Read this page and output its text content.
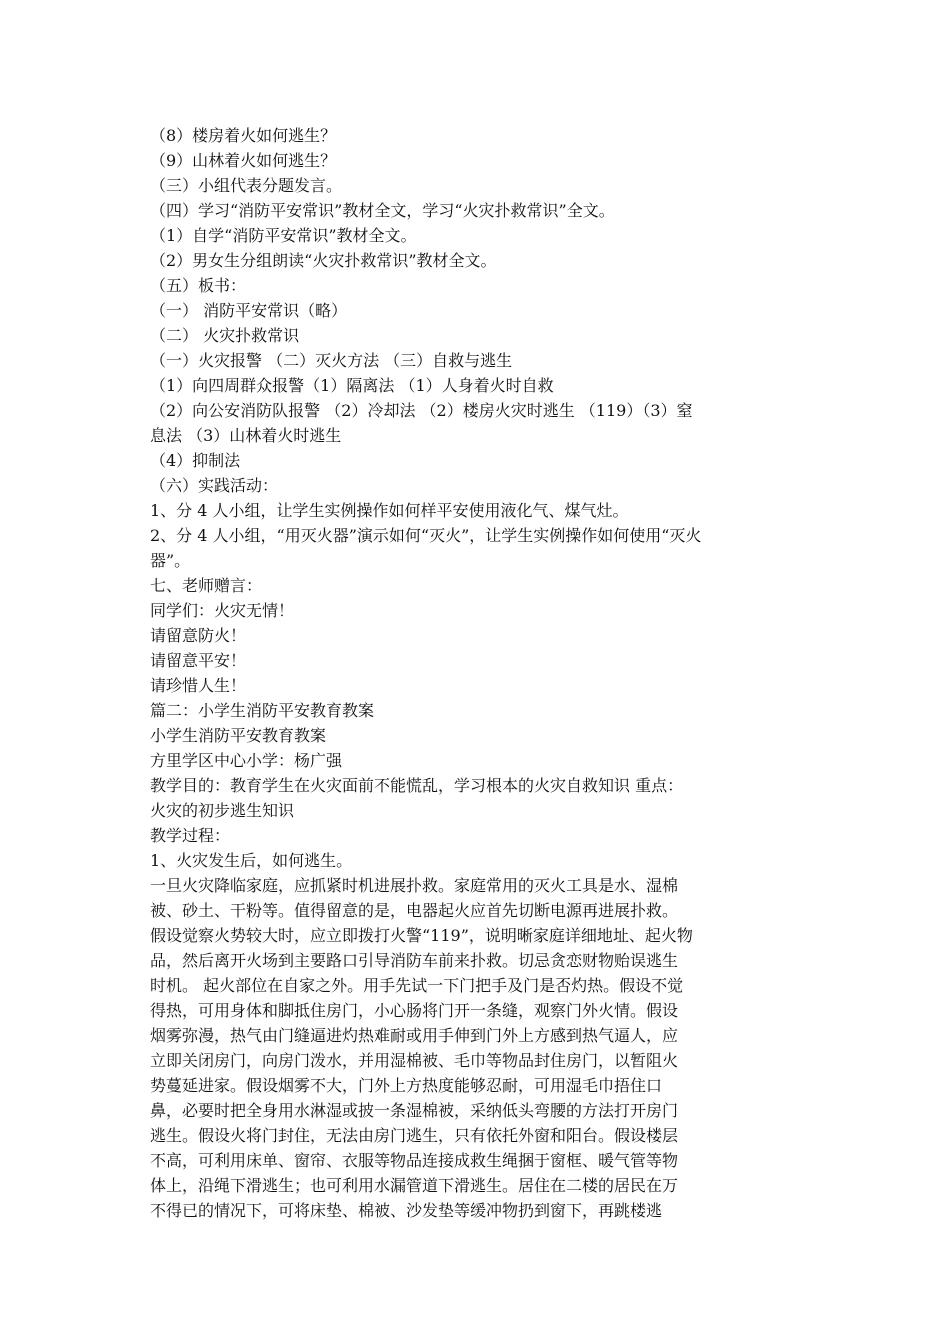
（8）楼房着火如何逃生？
（9）山林着火如何逃生？
（三）小组代表分题发言。
（四）学习“消防平安常识”教材全文，学习“火灾扑救常识”全文。
（1）自学“消防平安常识”教材全文。
（2）男女生分组朗读“火灾扑救常识”教材全文。
（五）板书：
（一） 消防平安常识（略）
（二） 火灾扑救常识
（一）火灾报警 （二）灭火方法 （三）自救与逃生
（1）向四周群众报警（1）隔离法 （1）人身着火时自救
（2）向公安消防队报警 （2）冷却法 （2）楼房火灾时逃生 （119）（3）窒
息法 （3）山林着火时逃生
（4）抑制法
（六）实践活动：
1、分 4 人小组，让学生实例操作如何样平安使用液化气、煤气灶。
2、分 4 人小组，“用灭火器”演示如何“灭火”，让学生实例操作如何使用“灭火
器”。
七、老师赠言：
同学们：火灾无情！
请留意防火！
请留意平安！
请珍惜人生！
篇二：小学生消防平安教育教案
小学生消防平安教育教案
方里学区中心小学：杨广强
教学目的：教育学生在火灾面前不能慌乱，学习根本的火灾自救知识 重点：
火灾的初步逃生知识
教学过程：
1、火灾发生后，如何逃生。
一旦火灾降临家庭，应抓紧时机进展扑救。家庭常用的灭火工具是水、湿棉
被、砂土、干粉等。值得留意的是，电器起火应首先切断电源再进展扑救。
假设觉察火势较大时，应立即拨打火警“119”，说明晰家庭详细地址、起火物
品，然后离开火场到主要路口引导消防车前来扑救。切忌贪恋财物贻误逃生
时机。 起火部位在自家之外。用手先试一下门把手及门是否灼热。假设不觉
得热，可用身体和脚抵住房门，小心肠将门开一条缝，观察门外火情。假设
烟雾弥漫，热气由门缝逼进灼热难耐或用手伸到门外上方感到热气逼人，应
立即关闭房门，向房门泼水，并用湿棉被、毛巾等物品封住房门，以暂阻火
势蔓延进家。假设烟雾不大，门外上方热度能够忍耐，可用湿毛巾捂住口
鼻，必要时把全身用水淋湿或披一条湿棉被，采纳低头弯腰的方法打开房门
逃生。假设火将门封住，无法由房门逃生，只有依托外窗和阳台。假设楼层
不高，可利用床单、窗帘、衣服等物品连接成救生绳捆于窗框、暖气管等物
体上，沿绳下滑逃生；也可利用水漏管道下滑逃生。居住在二楼的居民在万
不得已的情况下，可将床垫、棉被、沙发垫等缓冲物扔到窗下，再跳楼逃
